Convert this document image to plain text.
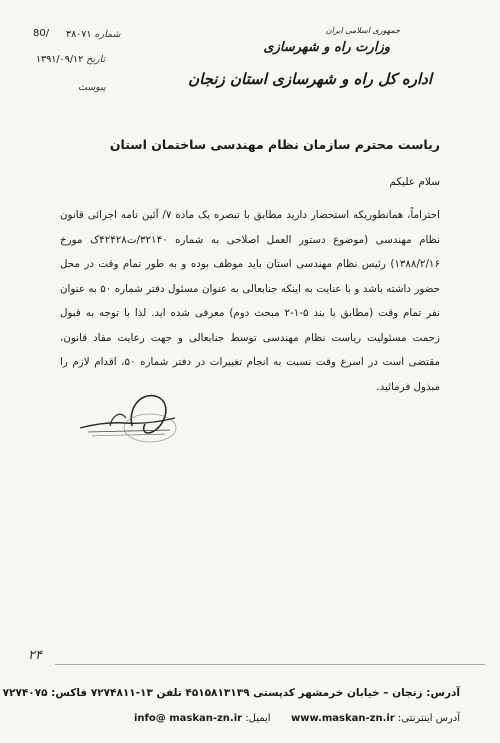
80/	شماره ۳۸۰۷۱
تاریخ ۱۳۹۱/۰۹/۱۲
پیوست
جمهوری اسلامی ایران
وزارت راه و شهرسازی
اداره کل راه و شهرسازی استان زنجان
ریاست محترم سازمان نظام مهندسی ساختمان استان
سلام علیکم
احتراماً، همانطوریکه استحضار دارید مطابق با تبصره یک ماده ۷/ آئین نامه اجرائی قانون نظام مهندسی (موضوع دستور العمل اصلاحی به شماره ۳۲۱۴۰/ت۴۲۴۲۸ک مورخ ۱۳۸۸/۲/۱۶) رئیس نظام مهندسی استان باید موظف بوده و به طور تمام وقت در محل حضور داشته باشد و با عنایت به اینکه جنابعالی به عنوان مسئول دفتر شماره ۵۰ به عنوان نفر تمام وقت (مطابق با بند ۵-۱-۲ مبحث دوم) معرفی شده اید. لذا با توجه به قبول زحمت مسئولیت ریاست نظام مهندسی توسط جنابعالی و جهت رعایت مفاد قانون، مقتضی است در اسرع وقت نسبت به انجام تغییرات در دفتر شماره ۵۰، اقدام لازم را مبذول فرمائید.
۲۴
آدرس: زنجان – خیابان خرمشهر کدپستی ۴۵۱۵۸۱۳۱۳۹ تلفن ۱۳-۷۲۷۴۸۱۱ فاکس: ۷۲۷۴۰۷۵
آدرس اینترنتی: www.maskan-zn.ir  ایمیل: info@ maskan-zn.ir
